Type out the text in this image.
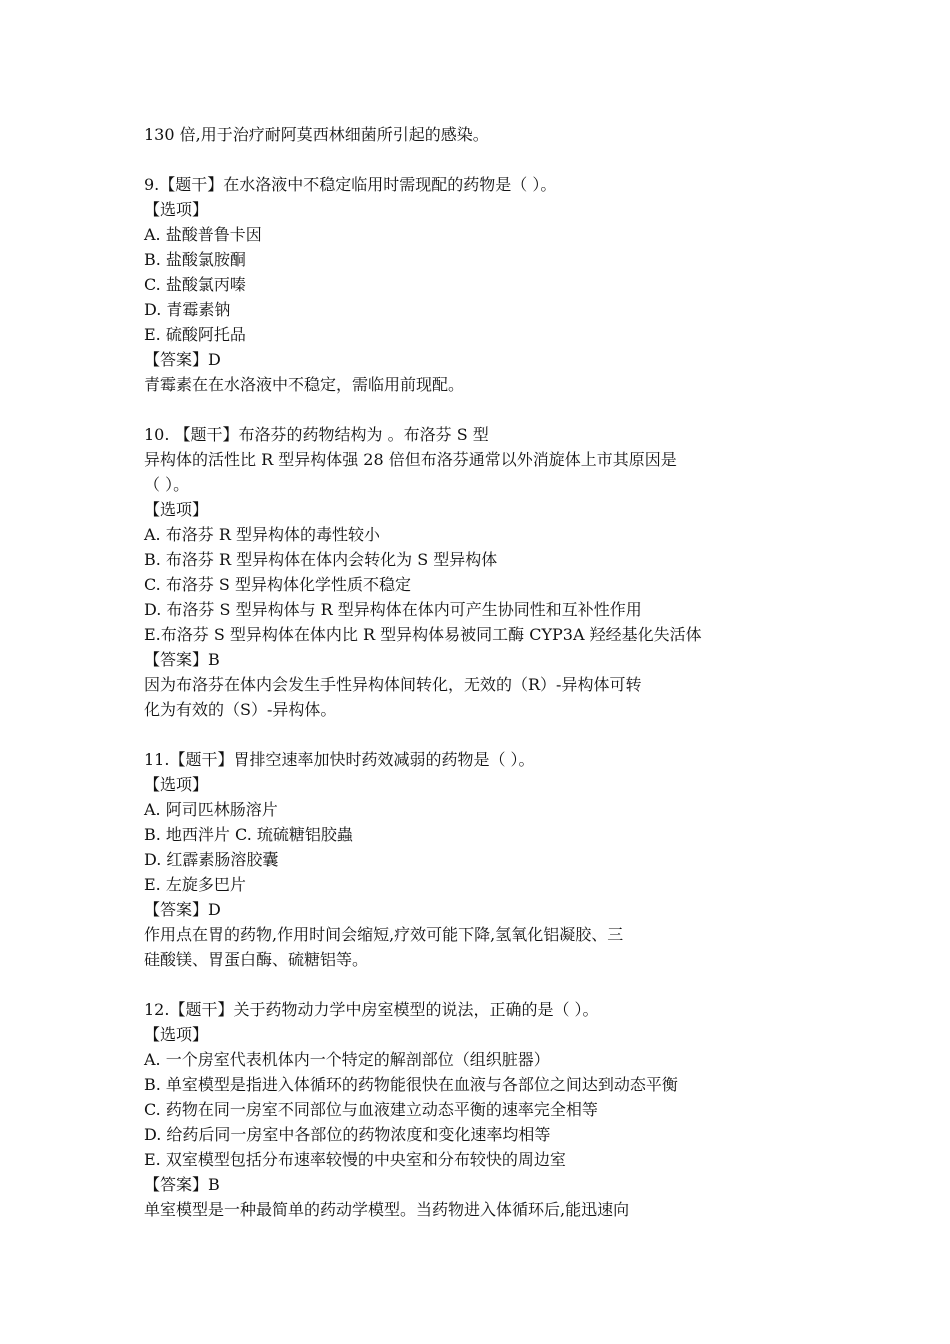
130 倍,用于治疗耐阿莫西林细菌所引起的感染。
9.【题干】在水洛液中不稳定临用时需现配的药物是（ ）。
【选项】
A. 盐酸普鲁卡因
B. 盐酸氯胺酮
C. 盐酸氯丙嗪
D. 青霉素钠
E. 硫酸阿托品
【答案】D
青霉素在在水洛液中不稳定，需临用前现配。
10. 【题干】布洛芬的药物结构为 。布洛芬 S 型
异构体的活性比 R 型异构体强 28 倍但布洛芬通常以外消旋体上市其原因是
（ ）。
【选项】
A. 布洛芬 R 型异构体的毒性较小
B. 布洛芬 R 型异构体在体内会转化为 S 型异构体
C. 布洛芬 S 型异构体化学性质不稳定
D. 布洛芬 S 型异构体与 R 型异构体在体内可产生协同性和互补性作用
E.布洛芬 S 型异构体在体内比 R 型异构体易被同工酶 CYP3A 羟经基化失活体
【答案】B
因为布洛芬在体内会发生手性异构体间转化，无效的（R）-异构体可转
化为有效的（S）-异构体。
11.【题干】胃排空速率加快时药效减弱的药物是（ ）。
【选项】
A. 阿司匹林肠溶片
B. 地西泮片 C. 琉硫糖铝胶蟲
D. 红霹素肠溶胶囊
E. 左旋多巴片
【答案】D
作用点在胃的药物,作用时间会缩短,疗效可能下降,氢氧化铝凝胶、三
硅酸镁、胃蛋白酶、硫糖铝等。
12.【题干】关于药物动力学中房室模型的说法，正确的是（ ）。
【选项】
A. 一个房室代表机体内一个特定的解剖部位（组织脏器）
B. 单室模型是指进入体循环的药物能很快在血液与各部位之间达到动态平衡
C. 药物在同一房室不同部位与血液建立动态平衡的速率完全相等
D. 给药后同一房室中各部位的药物浓度和变化速率均相等
E. 双室模型包括分布速率较慢的中央室和分布较快的周边室
【答案】B
单室模型是一种最简单的药动学模型。当药物进入体循环后,能迅速向
